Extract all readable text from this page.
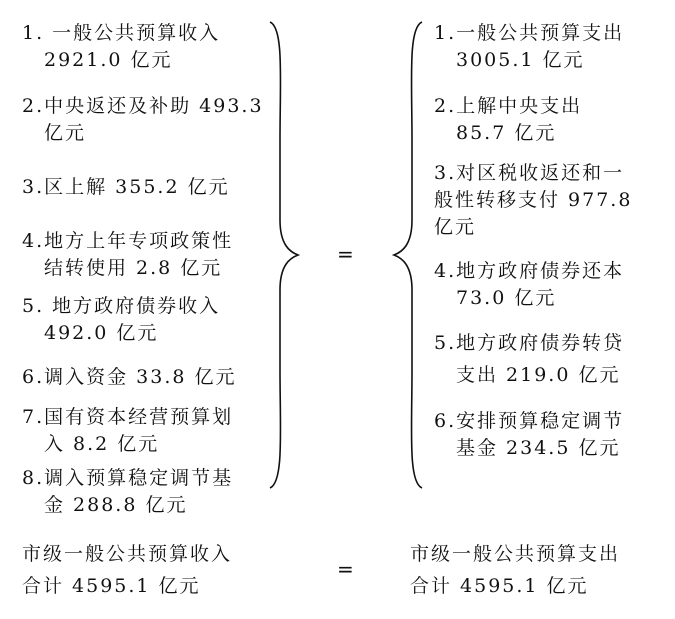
1. 一般公共预算收入
2921.0 亿元
2.中央返还及补助 493.3
亿元
3.区上解 355.2 亿元
4.地方上年专项政策性
结转使用 2.8 亿元
5. 地方政府债券收入
492.0 亿元
6.调入资金 33.8 亿元
7.国有资本经营预算划
入 8.2 亿元
8.调入预算稳定调节基
金 288.8 亿元
=
1.一般公共预算支出
3005.1 亿元
2.上解中央支出
85.7 亿元
3.对区税收返还和一
般性转移支付 977.8
亿元
4.地方政府债券还本
73.0 亿元
5.地方政府债券转贷
支出 219.0 亿元
6.安排预算稳定调节
基金 234.5 亿元
市级一般公共预算收入
合计 4595.1 亿元
=
市级一般公共预算支出
合计 4595.1 亿元
